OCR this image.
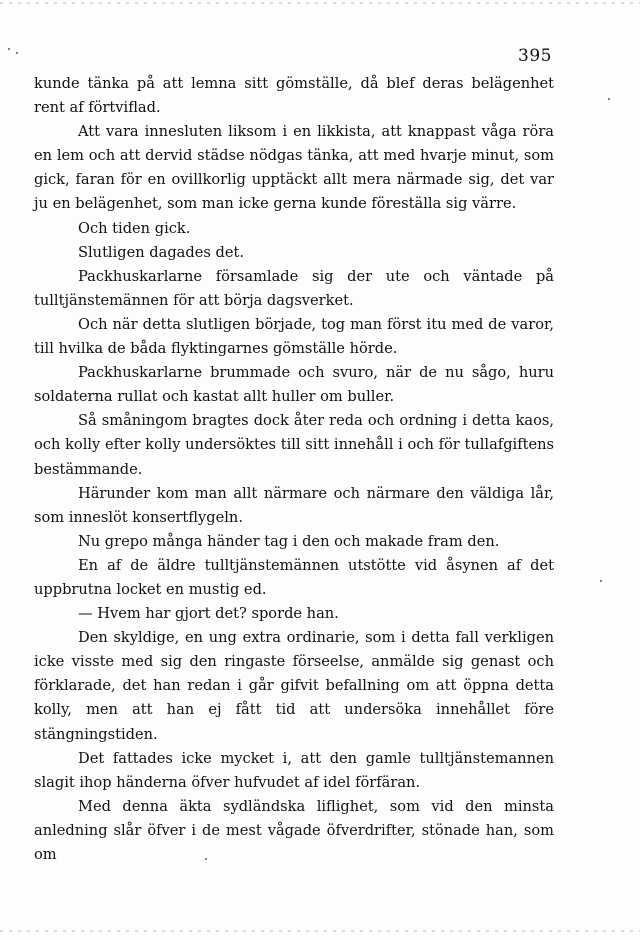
395

kunde tänka på att lemna sitt gömställe, då blef deras belägenhet rent af förtviflad.

Att vara inneslutеn liksom i en likkista, att knappast våga röra en lem och att dervid städse nödgas tänka, att med hvarje minut, som gick, faran för en ovillkorlig upptäckt allt mera närmade sig, det var ju en belägenhet, som man icke gerna kunde föreställa sig värre.

Och tiden gick.

Slutligen dagades det.

Packhuskarlarne församlade sig der ute och väntade på tulltjänstemännen för att börja dagsverket.

Och när detta slutligen började, tog man först itu med de varor, till hvilka de båda flyktingarnes gömställe hörde.

Packhuskarlarne brummade och svuro, när de nu sågo, huru soldaterna rullat och kastat allt huller om buller.

Så småningom bragtes dock åter reda och ordning i detta kaos, och kolly efter kolly undersöktes till sitt innehåll i och för tullafgiftens bestämmande.

Härunder kom man allt närmare och närmare den väldiga lår, som inneslöt konsertflygeln.

Nu grepo många händer tag i den och makade fram den.

En af de äldre tulltjänstemännen utstötte vid åsynen af det uppbrutna locket en mustig ed.

— Hvem har gjort det? sporde han.

Den skyldige, en ung extra ordinarie, som i detta fall verkligen icke visste med sig den ringaste förseelse, anmälde sig genast och förklarade, det han redan i går gifvit befallning om att öppna detta kolly, men att han ej fått tid att undersöka innehållet före stängningstiden.

Det fattades icke mycket i, att den gamle tulltjänstemannen slagit ihop händerna öfver hufvudet af idel förfäran.

Med denna äkta sydländska liflighet, som vid den minsta anledning slår öfver i de mest vågade öfverdrifter, stönade han, som om
